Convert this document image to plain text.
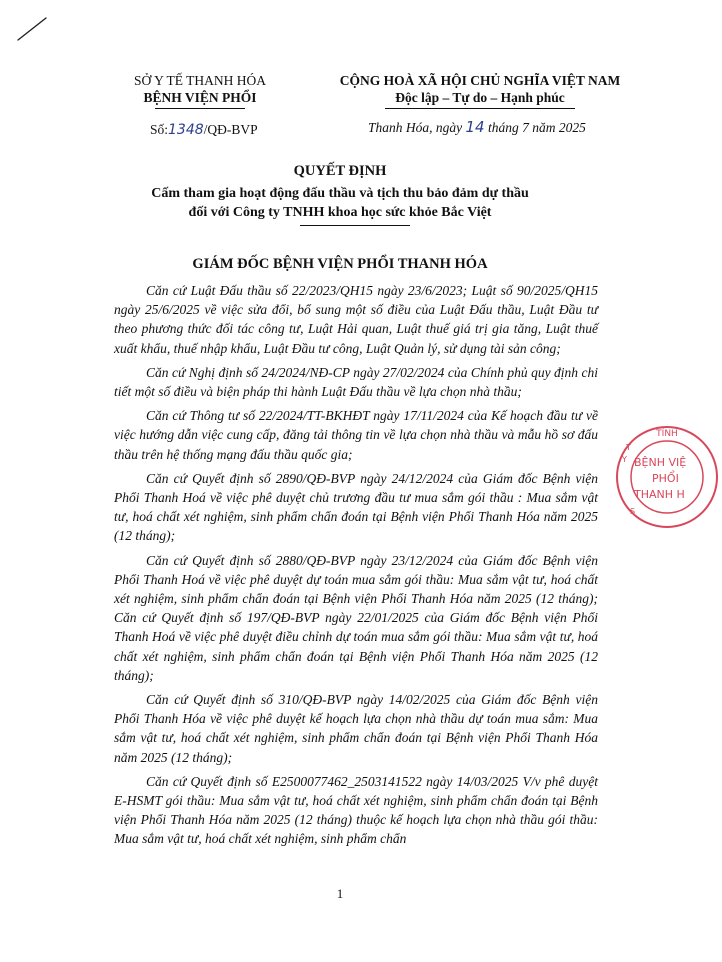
SỞ Y TẾ THANH HÓA
BỆNH VIỆN PHỔI
CỘNG HOÀ XÃ HỘI CHỦ NGHĨA VIỆT NAM
Độc lập – Tự do – Hạnh phúc
Số:1348/QĐ-BVP	Thanh Hóa, ngày 14 tháng 7 năm 2025
QUYẾT ĐỊNH
Cấm tham gia hoạt động đấu thầu và tịch thu bảo đảm dự thầu
đối với Công ty TNHH khoa học sức khỏe Bắc Việt
GIÁM ĐỐC BỆNH VIỆN PHỔI THANH HÓA

Căn cứ Luật Đấu thầu số 22/2023/QH15 ngày 23/6/2023; Luật số 90/2025/QH15 ngày 25/6/2025 về việc sửa đổi, bổ sung một số điều của Luật Đấu thầu, Luật Đầu tư theo phương thức đối tác công tư, Luật Hải quan, Luật thuế giá trị gia tăng, Luật thuế xuất khẩu, thuế nhập khẩu, Luật Đầu tư công, Luật Quản lý, sử dụng tài sản công;

Căn cứ Nghị định số 24/2024/NĐ-CP ngày 27/02/2024 của Chính phủ quy định chi tiết một số điều và biện pháp thi hành Luật Đấu thầu về lựa chọn nhà thầu;

Căn cứ Thông tư số 22/2024/TT-BKHĐT ngày 17/11/2024 của Kế hoạch đầu tư về việc hướng dẫn việc cung cấp, đăng tải thông tin về lựa chọn nhà thầu và mẫu hồ sơ đấu thầu trên hệ thống mạng đấu thầu quốc gia;

Căn cứ Quyết định số 2890/QĐ-BVP ngày 24/12/2024 của Giám đốc Bệnh viện Phổi Thanh Hoá về việc phê duyệt chủ trương đầu tư mua sắm gói thầu : Mua sắm vật tư, hoá chất xét nghiệm, sinh phẩm chẩn đoán tại Bệnh viện Phổi Thanh Hóa năm 2025 (12 tháng);

Căn cứ Quyết định số 2880/QĐ-BVP ngày 23/12/2024 của Giám đốc Bệnh viện Phổi Thanh Hoá về việc phê duyệt dự toán mua sắm gói thầu: Mua sắm vật tư, hoá chất xét nghiệm, sinh phẩm chẩn đoán tại Bệnh viện Phổi Thanh Hóa năm 2025 (12 tháng); Căn cứ Quyết định số 197/QĐ-BVP ngày 22/01/2025 của Giám đốc Bệnh viện Phổi Thanh Hoá về việc phê duyệt điều chỉnh dự toán mua sắm gói thầu: Mua sắm vật tư, hoá chất xét nghiệm, sinh phẩm chẩn đoán tại Bệnh viện Phổi Thanh Hóa năm 2025 (12 tháng);

Căn cứ Quyết định số 310/QĐ-BVP ngày 14/02/2025 của Giám đốc Bệnh viện Phổi Thanh Hóa về việc phê duyệt kế hoạch lựa chọn nhà thầu dự toán mua sắm: Mua sắm vật tư, hoá chất xét nghiệm, sinh phẩm chẩn đoán tại Bệnh viện Phổi Thanh Hóa năm 2025 (12 tháng);

Căn cứ Quyết định số E2500077462_2503141522 ngày 14/03/2025 V/v phê duyệt E-HSMT gói thầu: Mua sắm vật tư, hoá chất xét nghiệm, sinh phẩm chẩn đoán tại Bệnh viện Phổi Thanh Hóa năm 2025 (12 tháng) thuộc kế hoạch lựa chọn nhà thầu gói thầu: Mua sắm vật tư, hoá chất xét nghiệm, sinh phẩm chẩn

1
TỈNH
BỆNH VIỆ
PHỔI
THANH H
Y
T
S
